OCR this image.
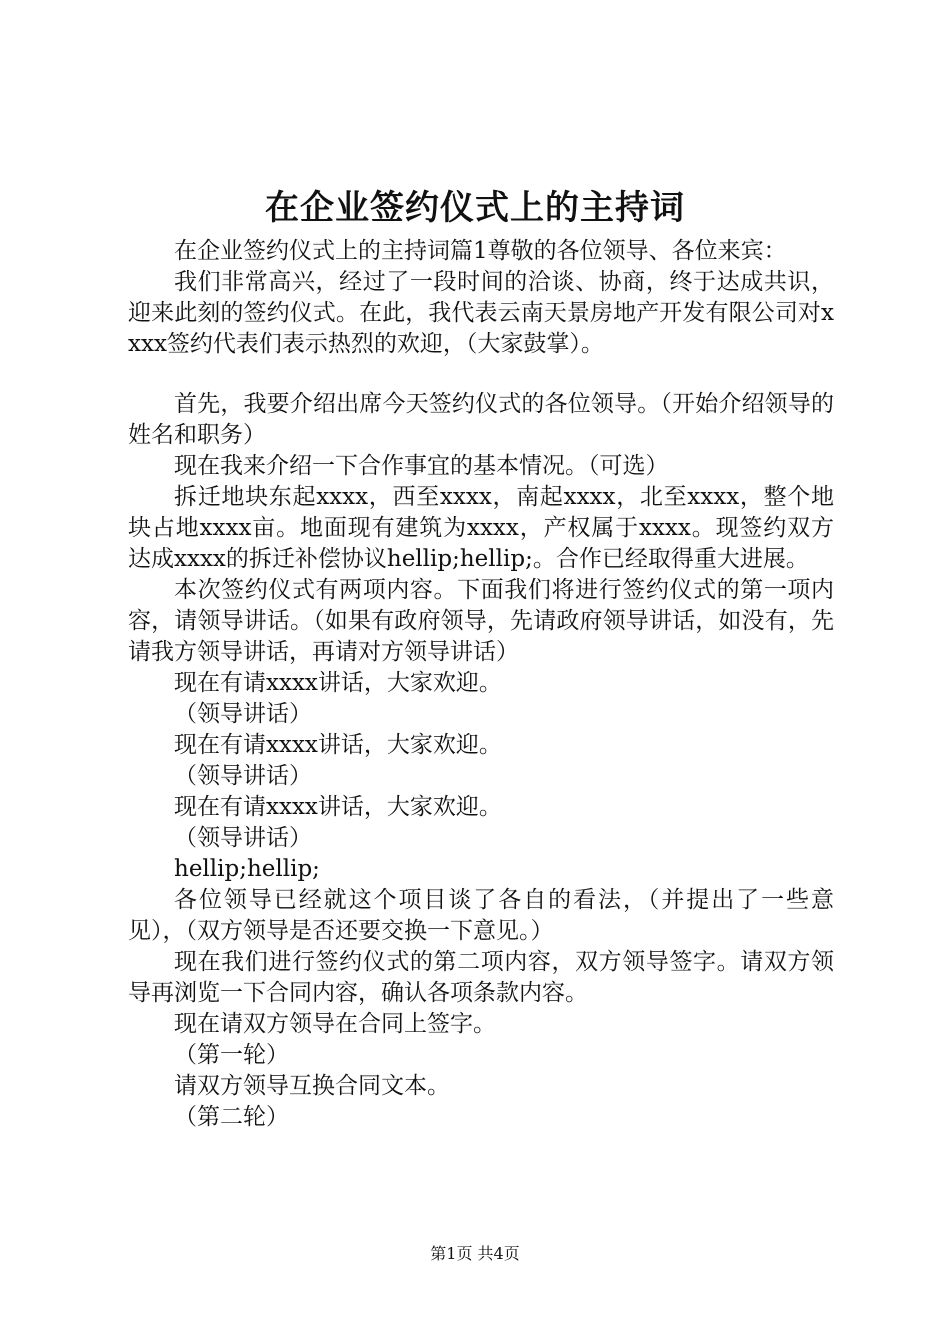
在企业签约仪式上的主持词

在企业签约仪式上的主持词篇1尊敬的各位领导、各位来宾：

我们非常高兴，经过了一段时间的洽谈、协商，终于达成共识，迎来此刻的签约仪式。在此，我代表云南天景房地产开发有限公司对xxxx签约代表们表示热烈的欢迎，（大家鼓掌）。

首先，我要介绍出席今天签约仪式的各位领导。（开始介绍领导的姓名和职务）

现在我来介绍一下合作事宜的基本情况。（可选）

拆迁地块东起xxxx，西至xxxx，南起xxxx，北至xxxx，整个地块占地xxxx亩。地面现有建筑为xxxx，产权属于xxxx。现签约双方达成xxxx的拆迁补偿协议hellip;hellip;。合作已经取得重大进展。

本次签约仪式有两项内容。下面我们将进行签约仪式的第一项内容，请领导讲话。（如果有政府领导，先请政府领导讲话，如没有，先请我方领导讲话，再请对方领导讲话）

现在有请xxxx讲话，大家欢迎。

（领导讲话）

现在有请xxxx讲话，大家欢迎。

（领导讲话）

现在有请xxxx讲话，大家欢迎。

（领导讲话）

hellip;hellip;

各位领导已经就这个项目谈了各自的看法，（并提出了一些意见），（双方领导是否还要交换一下意见。）

现在我们进行签约仪式的第二项内容，双方领导签字。请双方领导再浏览一下合同内容，确认各项条款内容。

现在请双方领导在合同上签字。

（第一轮）

请双方领导互换合同文本。

（第二轮）

第1页 共4页
